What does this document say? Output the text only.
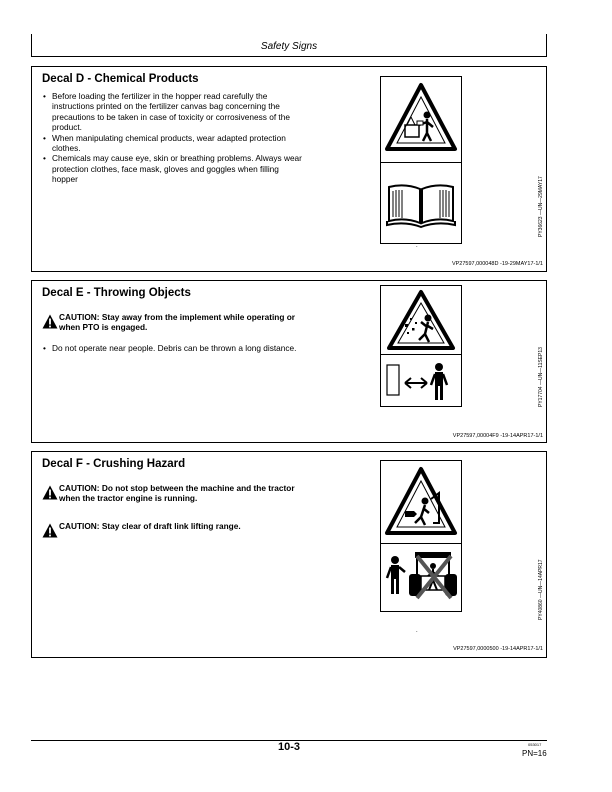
Safety Signs
Decal D - Chemical Products
• Before loading the fertilizer in the hopper read carefully the instructions printed on the fertilizer canvas bag concerning the precautions to be taken in case of toxicity or corrosiveness of the product.
• When manipulating chemical products, wear adapted protection clothes.
• Chemicals may cause eye, skin or breathing problems. Always wear protection clothes, face mask, gloves and goggles when filling hopper	PY36623 —UN—29MAY17
.
VP27597,000048D -19-29MAY17-1/1
Decal E - Throwing Objects
CAUTION: Stay away from the implement while operating or when PTO is engaged.
• Do not operate near people. Debris can be thrown a long distance.	PY17704 —UN—11SEP13
VP27597,00004F9 -19-14APR17-1/1
Decal F - Crushing Hazard
CAUTION: Do not stop between the machine and the tractor when the tractor engine is running.
CAUTION: Stay clear of draft link lifting range.
PY40860 —UN—14APR17
.
VP27597,0000500 -19-14APR17-1/1
10-3	053017
PN=16
